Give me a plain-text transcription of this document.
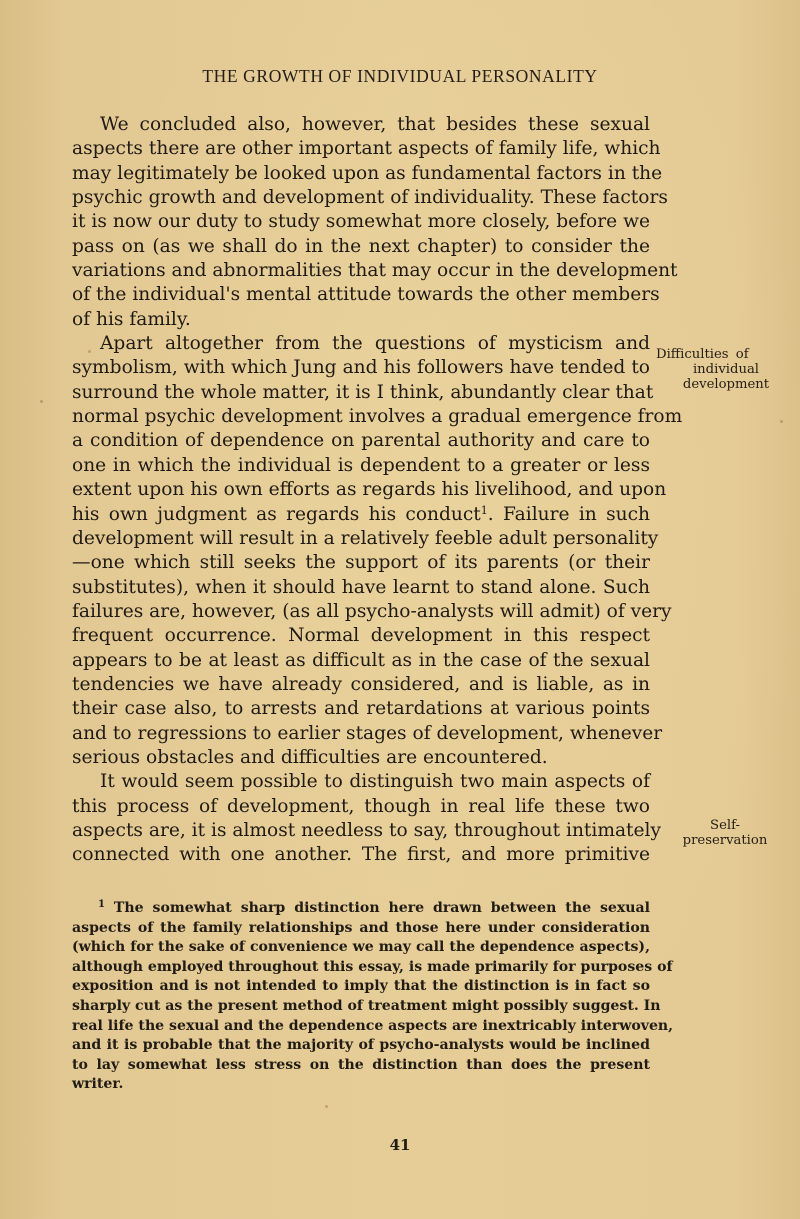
THE GROWTH OF INDIVIDUAL PERSONALITY
We concluded also, however, that besides these sexual
aspects there are other important aspects of family life, which
may legitimately be looked upon as fundamental factors in the
psychic growth and development of individuality. These factors
it is now our duty to study somewhat more closely, before we
pass on (as we shall do in the next chapter) to consider the
variations and abnormalities that may occur in the development
of the individual's mental attitude towards the other members
of his family.
Apart altogether from the questions of mysticism and
symbolism, with which Jung and his followers have tended to
surround the whole matter, it is I think, abundantly clear that
normal psychic development involves a gradual emergence from
a condition of dependence on parental authority and care to
one in which the individual is dependent to a greater or less
extent upon his own efforts as regards his livelihood, and upon
his own judgment as regards his conduct$^1$. Failure in such
development will result in a relatively feeble adult personality
—one which still seeks the support of its parents (or their
substitutes), when it should have learnt to stand alone. Such
failures are, however, (as all psycho-analysts will admit) of very
frequent occurrence. Normal development in this respect
appears to be at least as difficult as in the case of the sexual
tendencies we have already considered, and is liable, as in
their case also, to arrests and retardations at various points
and to regressions to earlier stages of development, whenever
serious obstacles and difficulties are encountered.
It would seem possible to distinguish two main aspects of
this process of development, though in real life these two
aspects are, it is almost needless to say, throughout intimately
connected with one another. The first, and more primitive
Difficulties of
individual
development
Self-
preservation
$^1$ The somewhat sharp distinction here drawn between the sexual
aspects of the family relationships and those here under consideration
(which for the sake of convenience we may call the dependence aspects),
although employed throughout this essay, is made primarily for purposes of
exposition and is not intended to imply that the distinction is in fact so
sharply cut as the present method of treatment might possibly suggest. In
real life the sexual and the dependence aspects are inextricably interwoven,
and it is probable that the majority of psycho-analysts would be inclined
to lay somewhat less stress on the distinction than does the present
writer.
41
